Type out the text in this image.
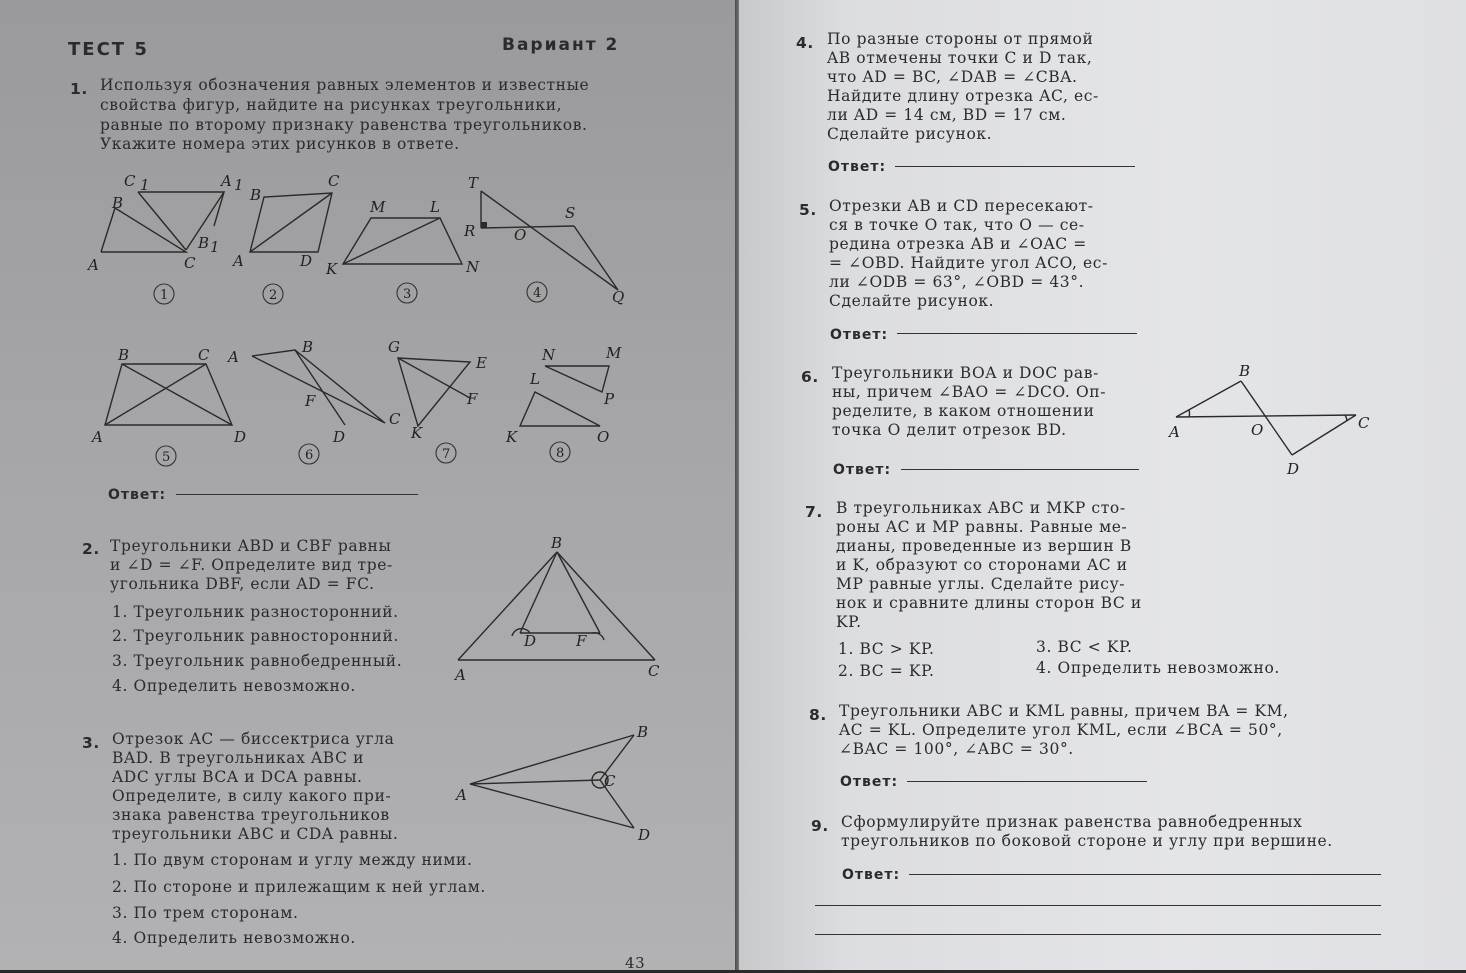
ТЕСТ 5	Вариант 2
1. Используя обозначения равных элементов и известные
свойства фигур, найдите на рисунках треугольники,
равные по второму признаку равенства треугольников.
Укажите номера этих рисунков в ответе.
C 1	A 1
B
B 1
A	C
B
C
A	D
M	L
K	N
T
S
R	O
Q
B	C
A	D
A
B
F
C
D
G
E
F
K
N	M
L
P
K	O
1	2	3	4
5	6	7	8
Ответ:
2. Треугольники ABD и CBF равны
и ∠D = ∠F. Определите вид тре-
угольника DBF, если AD = FC.
1. Треугольник разносторонний.
2. Треугольник равносторонний.
3. Треугольник равнобедренный.
4. Определить невозможно.
B
A
D	F
C
3. Отрезок AC — биссектриса угла
BAD. В треугольниках ABC и
ADC углы BCA и DCA равны.
Определите, в силу какого при-
знака равенства треугольников
треугольники ABC и CDA равны.
1. По двум сторонам и углу между ними.
2. По стороне и прилежащим к ней углам.
3. По трем сторонам.
4. Определить невозможно.
B
A
C
D
43
4. По разные стороны от прямой
AB отмечены точки C и D так,
что AD = BC, ∠DAB = ∠CBA.
Найдите длину отрезка AC, ес-
ли AD = 14 см, BD = 17 см.
Сделайте рисунок.
Ответ:
5. Отрезки AB и CD пересекают-
ся в точке O так, что O — се-
редина отрезка AB и ∠OAC =
= ∠OBD. Найдите угол ACO, ес-
ли ∠ODB = 63°, ∠OBD = 43°.
Сделайте рисунок.
Ответ:
6. Треугольники BOA и DOC рав-
ны, причем ∠BAO = ∠DCO. Оп-
ределите, в каком отношении
точка O делит отрезок BD.
Ответ:
B
A	O	C
D
7. В треугольниках ABC и MKP сто-
роны AC и MP равны. Равные ме-
дианы, проведенные из вершин B
и K, образуют со сторонами AC и
MP равные углы. Сделайте рису-
нок и сравните длины сторон BC и
KP.
1. BC > KP.	3. BC < KP.
2. BC = KP.	4. Определить невозможно.
8. Треугольники ABC и KML равны, причем BA = KM,
AC = KL. Определите угол KML, если ∠BCA = 50°,
∠BAC = 100°, ∠ABC = 30°.
Ответ:
9. Сформулируйте признак равенства равнобедренных
треугольников по боковой стороне и углу при вершине.
Ответ:
